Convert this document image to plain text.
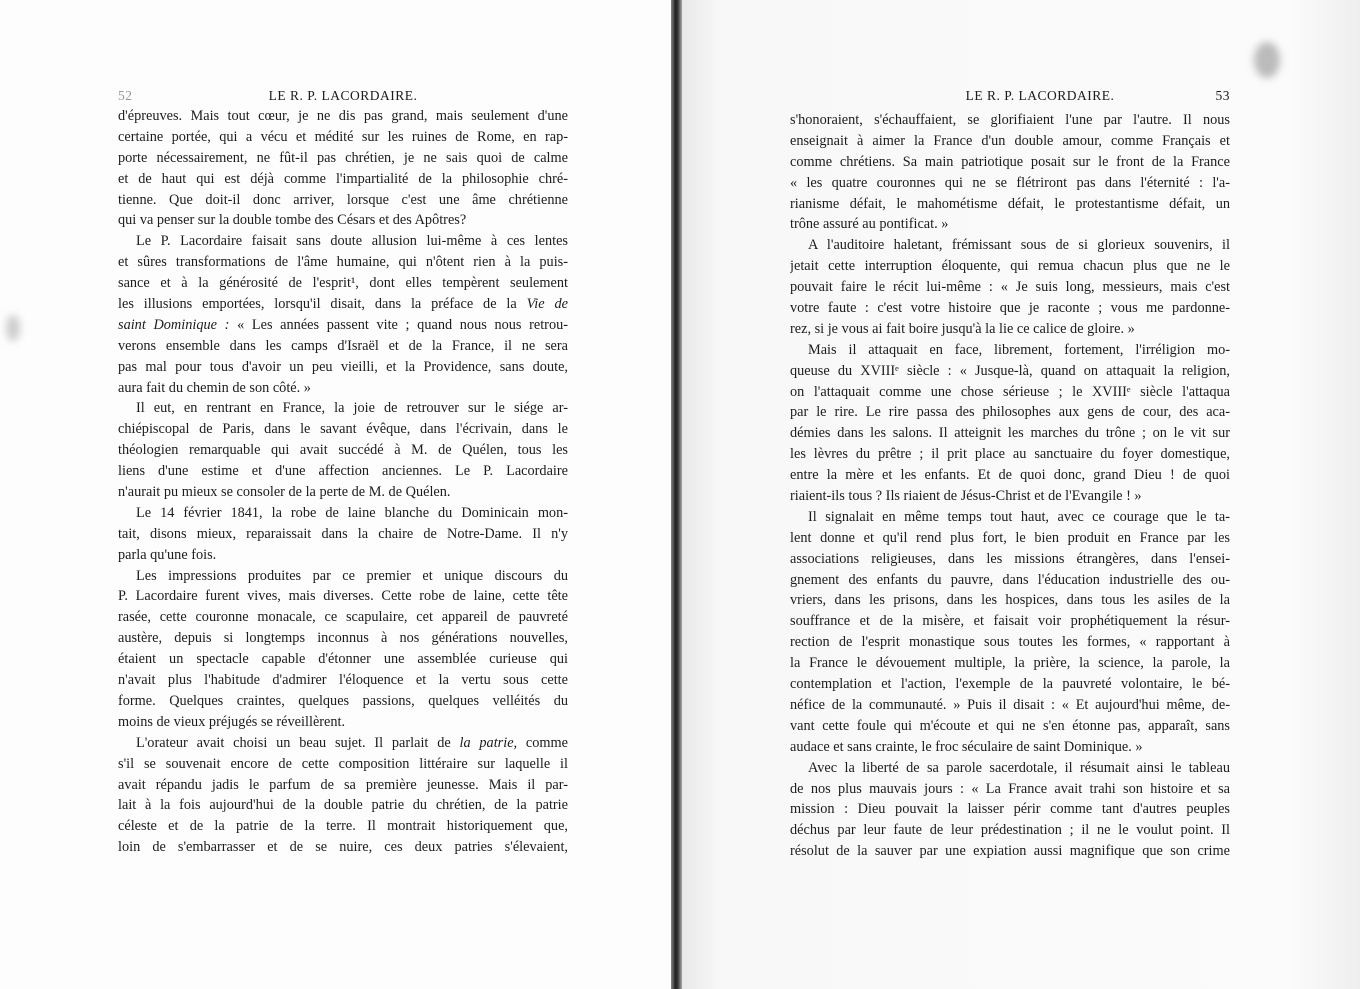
52	LE R. P. LACORDAIRE.
d'épreuves. Mais tout cœur, je ne dis pas grand, mais seulement d'une
certaine portée, qui a vécu et médité sur les ruines de Rome, en rap-
porte nécessairement, ne fût-il pas chrétien, je ne sais quoi de calme
et de haut qui est déjà comme l'impartialité de la philosophie chré-
tienne. Que doit-il donc arriver, lorsque c'est une âme chrétienne
qui va penser sur la double tombe des Césars et des Apôtres?
Le P. Lacordaire faisait sans doute allusion lui-même à ces lentes
et sûres transformations de l'âme humaine, qui n'ôtent rien à la puis-
sance et à la générosité de l'esprit¹, dont elles tempèrent seulement
les illusions emportées, lorsqu'il disait, dans la préface de la Vie de
saint Dominique : « Les années passent vite ; quand nous nous retrou-
verons ensemble dans les camps d'Israël et de la France, il ne sera
pas mal pour tous d'avoir un peu vieilli, et la Providence, sans doute,
aura fait du chemin de son côté. »
Il eut, en rentrant en France, la joie de retrouver sur le siége ar-
chiépiscopal de Paris, dans le savant évêque, dans l'écrivain, dans le
théologien remarquable qui avait succédé à M. de Quélen, tous les
liens d'une estime et d'une affection anciennes. Le P. Lacordaire
n'aurait pu mieux se consoler de la perte de M. de Quélen.
Le 14 février 1841, la robe de laine blanche du Dominicain mon-
tait, disons mieux, reparaissait dans la chaire de Notre-Dame. Il n'y
parla qu'une fois.
Les impressions produites par ce premier et unique discours du
P. Lacordaire furent vives, mais diverses. Cette robe de laine, cette tête
rasée, cette couronne monacale, ce scapulaire, cet appareil de pauvreté
austère, depuis si longtemps inconnus à nos générations nouvelles,
étaient un spectacle capable d'étonner une assemblée curieuse qui
n'avait plus l'habitude d'admirer l'éloquence et la vertu sous cette
forme. Quelques craintes, quelques passions, quelques velléités du
moins de vieux préjugés se réveillèrent.
L'orateur avait choisi un beau sujet. Il parlait de la patrie, comme
s'il se souvenait encore de cette composition littéraire sur laquelle il
avait répandu jadis le parfum de sa première jeunesse. Mais il par-
lait à la fois aujourd'hui de la double patrie du chrétien, de la patrie
céleste et de la patrie de la terre. Il montrait historiquement que,
loin de s'embarrasser et de se nuire, ces deux patries s'élevaient,
LE R. P. LACORDAIRE.	53
s'honoraient, s'échauffaient, se glorifiaient l'une par l'autre. Il nous
enseignait à aimer la France d'un double amour, comme Français et
comme chrétiens. Sa main patriotique posait sur le front de la France
« les quatre couronnes qui ne se flétriront pas dans l'éternité : l'a-
rianisme défait, le mahométisme défait, le protestantisme défait, un
trône assuré au pontificat. »
A l'auditoire haletant, frémissant sous de si glorieux souvenirs, il
jetait cette interruption éloquente, qui remua chacun plus que ne le
pouvait faire le récit lui-même : « Je suis long, messieurs, mais c'est
votre faute : c'est votre histoire que je raconte ; vous me pardonne-
rez, si je vous ai fait boire jusqu'à la lie ce calice de gloire. »
Mais il attaquait en face, librement, fortement, l'irréligion mo-
queuse du XVIIIᵉ siècle : « Jusque-là, quand on attaquait la religion,
on l'attaquait comme une chose sérieuse ; le XVIIIᵉ siècle l'attaqua
par le rire. Le rire passa des philosophes aux gens de cour, des aca-
démies dans les salons. Il atteignit les marches du trône ; on le vit sur
les lèvres du prêtre ; il prit place au sanctuaire du foyer domestique,
entre la mère et les enfants. Et de quoi donc, grand Dieu ! de quoi
riaient-ils tous ? Ils riaient de Jésus-Christ et de l'Evangile ! »
Il signalait en même temps tout haut, avec ce courage que le ta-
lent donne et qu'il rend plus fort, le bien produit en France par les
associations religieuses, dans les missions étrangères, dans l'ensei-
gnement des enfants du pauvre, dans l'éducation industrielle des ou-
vriers, dans les prisons, dans les hospices, dans tous les asiles de la
souffrance et de la misère, et faisait voir prophétiquement la résur-
rection de l'esprit monastique sous toutes les formes, « rapportant à
la France le dévouement multiple, la prière, la science, la parole, la
contemplation et l'action, l'exemple de la pauvreté volontaire, le bé-
néfice de la communauté. » Puis il disait : « Et aujourd'hui même, de-
vant cette foule qui m'écoute et qui ne s'en étonne pas, apparaît, sans
audace et sans crainte, le froc séculaire de saint Dominique. »
Avec la liberté de sa parole sacerdotale, il résumait ainsi le tableau
de nos plus mauvais jours : « La France avait trahi son histoire et sa
mission : Dieu pouvait la laisser périr comme tant d'autres peuples
déchus par leur faute de leur prédestination ; il ne le voulut point. Il
résolut de la sauver par une expiation aussi magnifique que son crime
